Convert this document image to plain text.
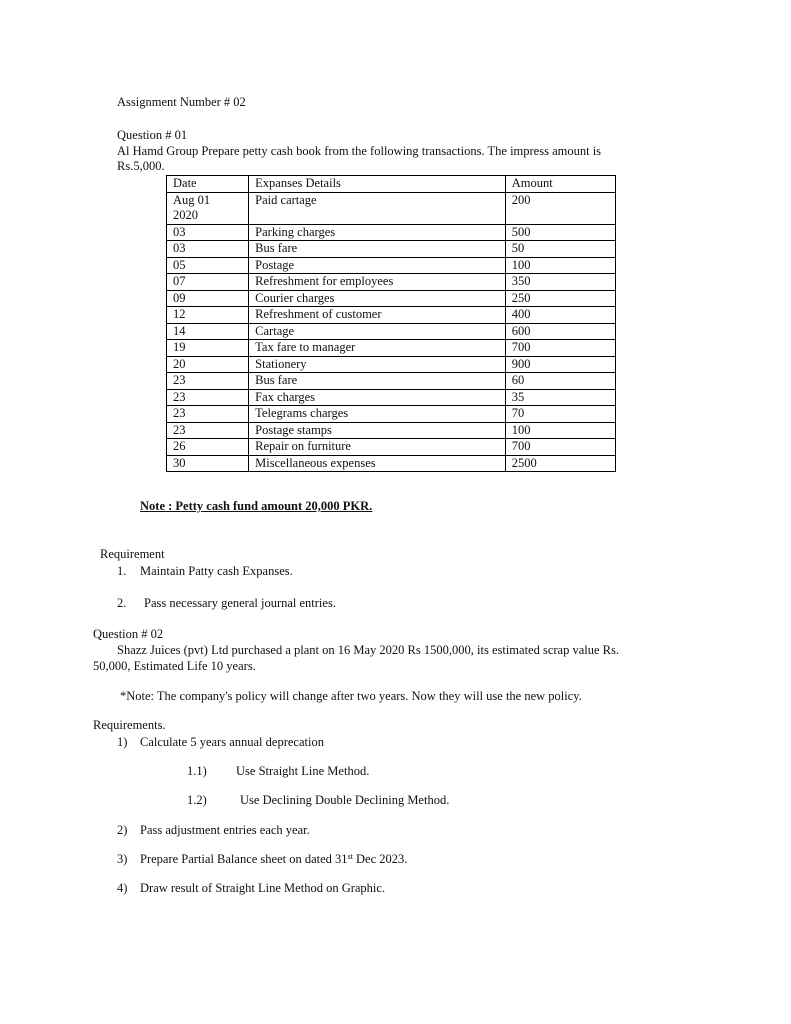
Assignment Number # 02
Question # 01
Al Hamd Group Prepare petty cash book from the following transactions. The impress amount is
Rs.5,000.
Date	Expanses Details	Amount

Aug 01
2020	Paid cartage	200
03	Parking charges	500
03	Bus fare	50
05	Postage	100
07	Refreshment for employees	350
09	Courier charges	250
12	Refreshment of customer	400
14	Cartage	600
19	Tax fare to manager	700
20	Stationery	900
23	Bus fare	60
23	Fax charges	35
23	Telegrams charges	70
23	Postage stamps	100
26	Repair on furniture	700
30	Miscellaneous expenses	2500
Note : Petty cash fund amount 20,000 PKR.
Requirement
1. Maintain Patty cash Expanses.
2. Pass necessary general journal entries.
Question # 02
Shazz Juices (pvt) Ltd purchased a plant on 16 May 2020 Rs 1500,000, its estimated scrap value Rs.
50,000, Estimated Life 10 years.
*Note: The company's policy will change after two years. Now they will use the new policy.
Requirements.
1) Calculate 5 years annual deprecation
1.1) Use Straight Line Method.
1.2)	Use Declining Double Declining Method.
2) Pass adjustment entries each year.
3) Prepare Partial Balance sheet on dated 31st Dec 2023.
4) Draw result of Straight Line Method on Graphic.
